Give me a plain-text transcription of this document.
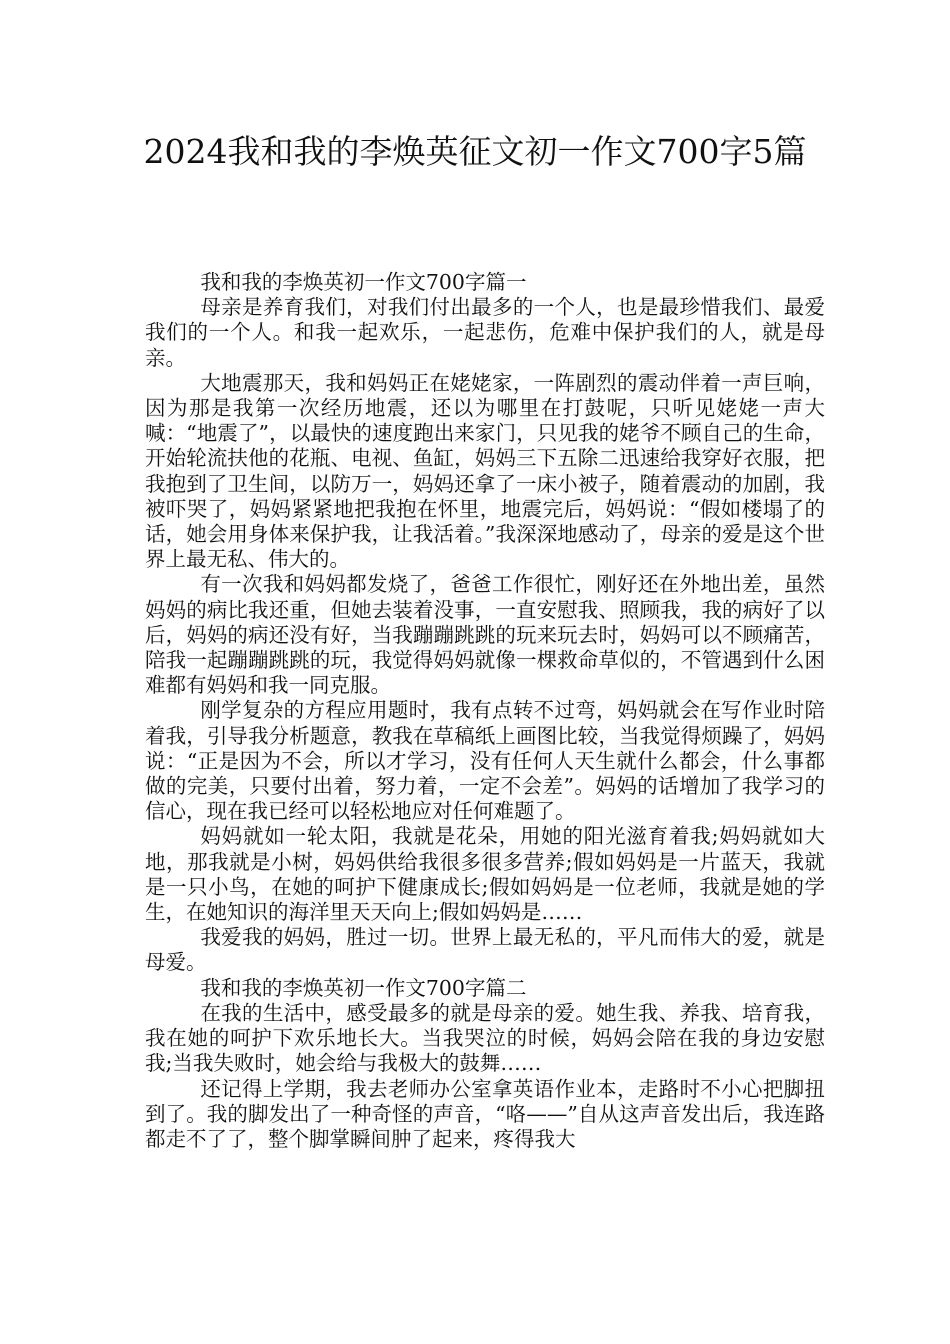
2024我和我的李焕英征文初一作文700字5篇

我和我的李焕英初一作文700字篇一

母亲是养育我们，对我们付出最多的一个人，也是最珍惜我们、最爱我们的一个人。和我一起欢乐，一起悲伤，危难中保护我们的人，就是母亲。

大地震那天，我和妈妈正在姥姥家，一阵剧烈的震动伴着一声巨响，因为那是我第一次经历地震，还以为哪里在打鼓呢，只听见姥姥一声大喊：“地震了”，以最快的速度跑出来家门，只见我的姥爷不顾自己的生命，开始轮流扶他的花瓶、电视、鱼缸，妈妈三下五除二迅速给我穿好衣服，把我抱到了卫生间，以防万一，妈妈还拿了一床小被子，随着震动的加剧，我被吓哭了，妈妈紧紧地把我抱在怀里，地震完后，妈妈说：“假如楼塌了的话，她会用身体来保护我，让我活着。”我深深地感动了，母亲的爱是这个世界上最无私、伟大的。

有一次我和妈妈都发烧了，爸爸工作很忙，刚好还在外地出差，虽然妈妈的病比我还重，但她去装着没事，一直安慰我、照顾我，我的病好了以后，妈妈的病还没有好，当我蹦蹦跳跳的玩来玩去时，妈妈可以不顾痛苦，陪我一起蹦蹦跳跳的玩，我觉得妈妈就像一棵救命草似的，不管遇到什么困难都有妈妈和我一同克服。

刚学复杂的方程应用题时，我有点转不过弯，妈妈就会在写作业时陪着我，引导我分析题意，教我在草稿纸上画图比较，当我觉得烦躁了，妈妈说：“正是因为不会，所以才学习，没有任何人天生就什么都会，什么事都做的完美，只要付出着，努力着，一定不会差”。妈妈的话增加了我学习的信心，现在我已经可以轻松地应对任何难题了。

妈妈就如一轮太阳，我就是花朵，用她的阳光滋育着我;妈妈就如大地，那我就是小树，妈妈供给我很多很多营养;假如妈妈是一片蓝天，我就是一只小鸟，在她的呵护下健康成长;假如妈妈是一位老师，我就是她的学生，在她知识的海洋里天天向上;假如妈妈是……

我爱我的妈妈，胜过一切。世界上最无私的，平凡而伟大的爱，就是母爱。

我和我的李焕英初一作文700字篇二

在我的生活中，感受最多的就是母亲的爱。她生我、养我、培育我，我在她的呵护下欢乐地长大。当我哭泣的时候，妈妈会陪在我的身边安慰我;当我失败时，她会给与我极大的鼓舞……

还记得上学期，我去老师办公室拿英语作业本，走路时不小心把脚扭到了。我的脚发出了一种奇怪的声音，“咯——”自从这声音发出后，我连路都走不了了，整个脚掌瞬间肿了起来，疼得我大
